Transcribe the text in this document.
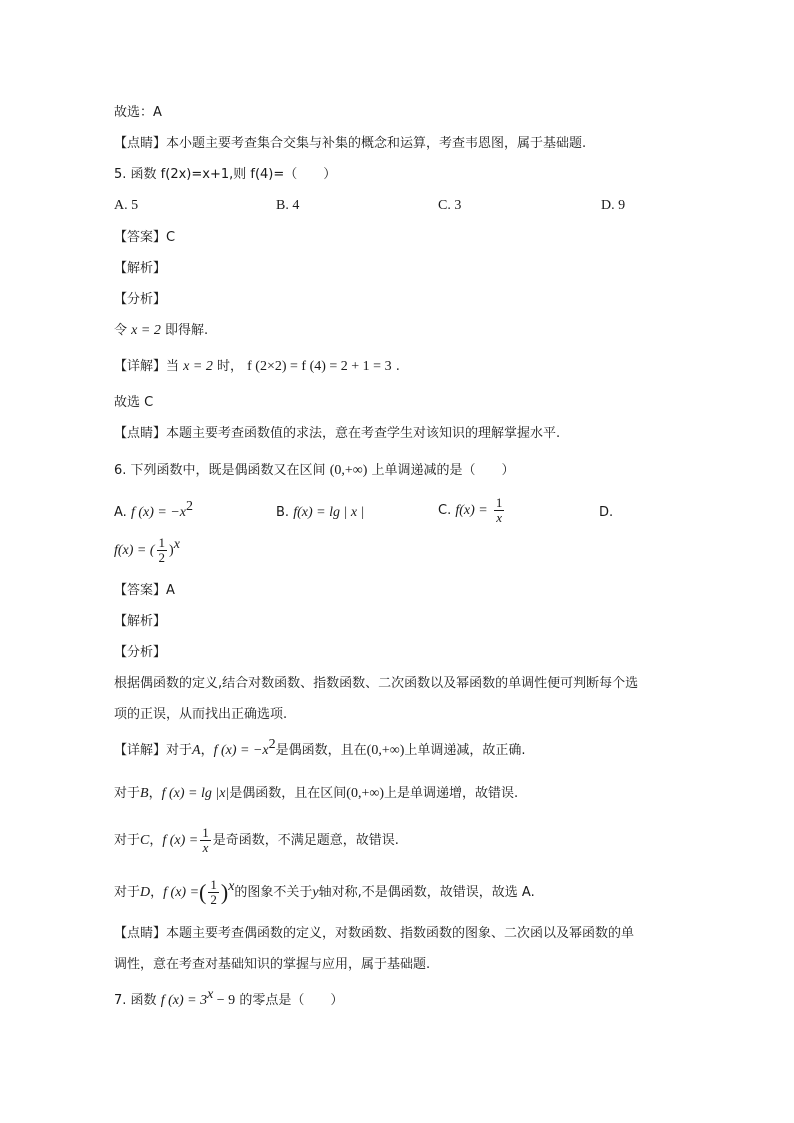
故选：A
【点睛】本小题主要考查集合交集与补集的概念和运算，考查韦恩图，属于基础题.
5. 函数 f(2x)=x+1,则 f(4)=（　　）
A. 5	B. 4	C. 3	D. 9
【答案】C
【解析】
【分析】
令 x = 2 即得解.
【详解】当 x = 2 时， f (2×2) = f (4) = 2 + 1 = 3 .
故选 C
【点睛】本题主要考查函数值的求法，意在考查学生对该知识的理解掌握水平.
6. 下列函数中，既是偶函数又在区间 (0,+∞) 上单调递减的是（　　）
A. f $(x) = -x^2$	B. f(x) = lg | x |	C. $f(x) = \frac{1}{x}$	D.
f(x) = ( $\frac{1}{2} )^x$
【答案】A
【解析】
【分析】
根据偶函数的定义,结合对数函数、指数函数、二次函数以及幂函数的单调性便可判断每个选
项的正误，从而找出正确选项.
【详解】对于A，f $(x) = -x^2$是偶函数，且在(0,+∞)上单调递减，故正确.
对于B，f (x) = lg |x|是偶函数，且在区间(0,+∞)上是单调递增，故错误.
对于C，f $(x) = \frac{1}{x}$ 是奇函数，不满足题意，故错误.
对于D，f (x) =( $\frac{1}{2} )^x$的图象不关于y轴对称,不是偶函数，故错误，故选 A.
【点睛】本题主要考查偶函数的定义，对数函数、指数函数的图象、二次函以及幂函数的单
调性，意在考查对基础知识的掌握与应用，属于基础题.
7. 函数 f $(x) = 3^x - 9$ 的零点是（　　）
